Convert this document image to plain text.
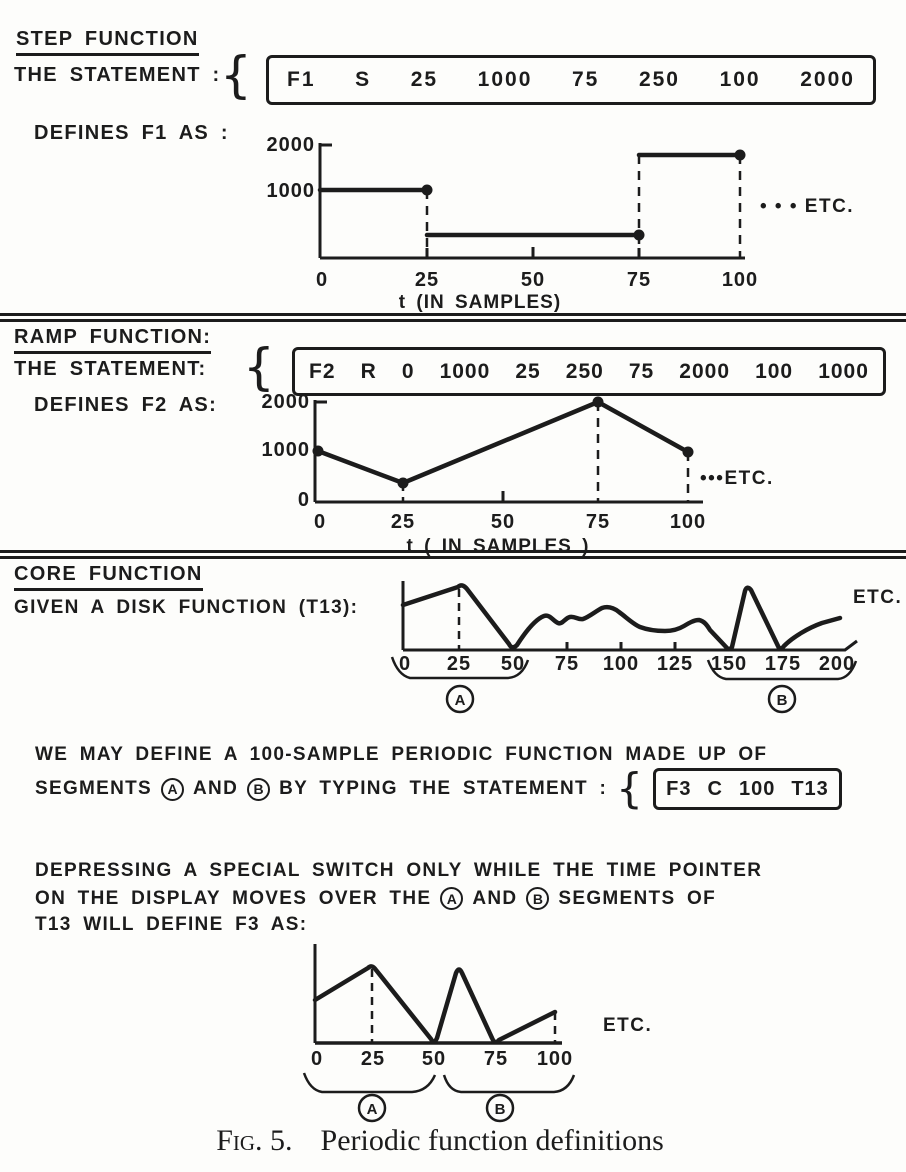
STEP FUNCTION
THE STATEMENT : { F1 S 25 1000 75 250 100 2000
DEFINES F1 AS :
2000
1000
0	25	50	75	100
• • • ETC.
t (IN SAMPLES)
RAMP FUNCTION:
THE STATEMENT: { F2 R 0 1000 25 250 75 2000 100 1000
DEFINES F2 AS: 2000
1000
0
0	25	50	75	100
•••ETC.
t ( IN SAMPLES )
CORE FUNCTION
GIVEN A DISK FUNCTION (T13):
0 25 50 75 100 125 150 175 200
ETC.
A	B
WE MAY DEFINE A 100-SAMPLE PERIODIC FUNCTION MADE UP OF
SEGMENTS	A AND	B BY TYPING THE STATEMENT : { F3 C 100 T13
DEPRESSING A SPECIAL SWITCH ONLY WHILE THE TIME POINTER
ON THE DISPLAY MOVES OVER THE	A AND	B SEGMENTS OF
T13 WILL DEFINE F3 AS:
0 25 50 75 100
ETC.
A	B
Fig. 5. Periodic function definitions
